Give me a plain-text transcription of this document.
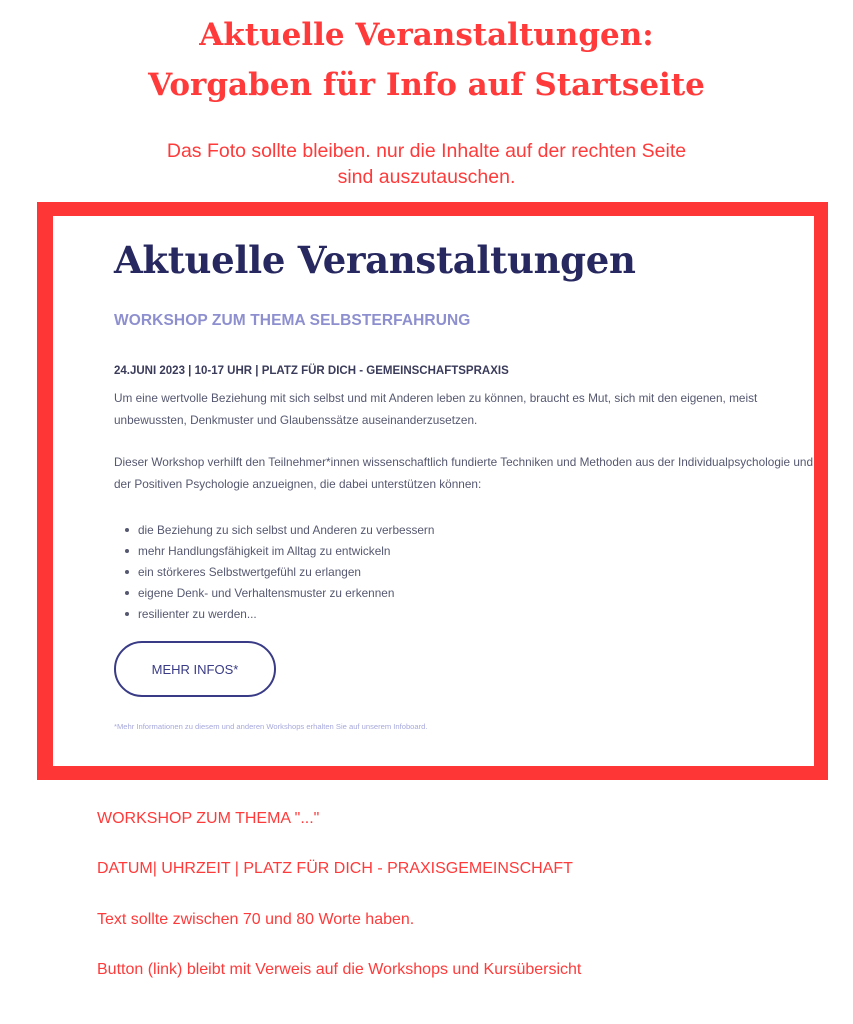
Aktuelle Veranstaltungen:
Vorgaben für Info auf Startseite
Das Foto sollte bleiben. nur die Inhalte auf der rechten Seite
sind auszutauschen.
Aktuelle Veranstaltungen
WORKSHOP ZUM THEMA SELBSTERFAHRUNG
24.JUNI 2023 | 10-17 UHR | PLATZ FÜR DICH - GEMEINSCHAFTSPRAXIS

Um eine wertvolle Beziehung mit sich selbst und mit Anderen leben zu können, braucht es Mut, sich mit den eigenen, meist unbewussten, Denkmuster und Glaubenssätze auseinanderzusetzen.

Dieser Workshop verhilft den Teilnehmer*innen wissenschaftlich fundierte Techniken und Methoden aus der Individualpsychologie und der Positiven Psychologie anzueignen, die dabei unterstützen können:

die Beziehung zu sich selbst und Anderen zu verbessern
mehr Handlungsfähigkeit im Alltag zu entwickeln
ein störkeres Selbstwertgefühl zu erlangen
eigene Denk- und Verhaltensmuster zu erkennen
resilienter zu werden...
MEHR INFOS*
*Mehr Informationen zu diesem und anderen Workshops erhalten Sie auf unserem Infoboard.
WORKSHOP ZUM THEMA "..."
DATUM| UHRZEIT | PLATZ FÜR DICH - PRAXISGEMEINSCHAFT
Text sollte zwischen 70 und 80 Worte haben.
Button (link) bleibt mit Verweis auf die Workshops und Kursübersicht
